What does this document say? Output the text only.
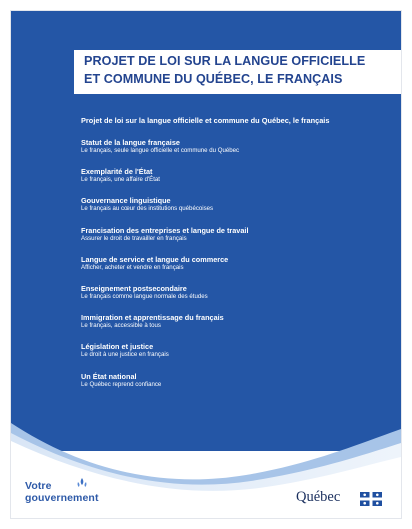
PROJET DE LOI SUR LA LANGUE OFFICIELLE
ET COMMUNE DU QUÉBEC, LE FRANÇAIS
Projet de loi sur la langue officielle et commune du Québec, le français
Statut de la langue française
Le français, seule langue officielle et commune du Québec
Exemplarité de l'État
Le français, une affaire d'État
Gouvernance linguistique
Le français au cœur des institutions québécoises
Francisation des entreprises et langue de travail
Assurer le droit de travailler en français
Langue de service et langue du commerce
Afficher, acheter et vendre en français
Enseignement postsecondaire
Le français comme langue normale des études
Immigration et apprentissage du français
Le français, accessible à tous
Législation et justice
Le droit à une justice en français
Un État national
Le Québec reprend confiance
Votre
gouvernement	Québec
